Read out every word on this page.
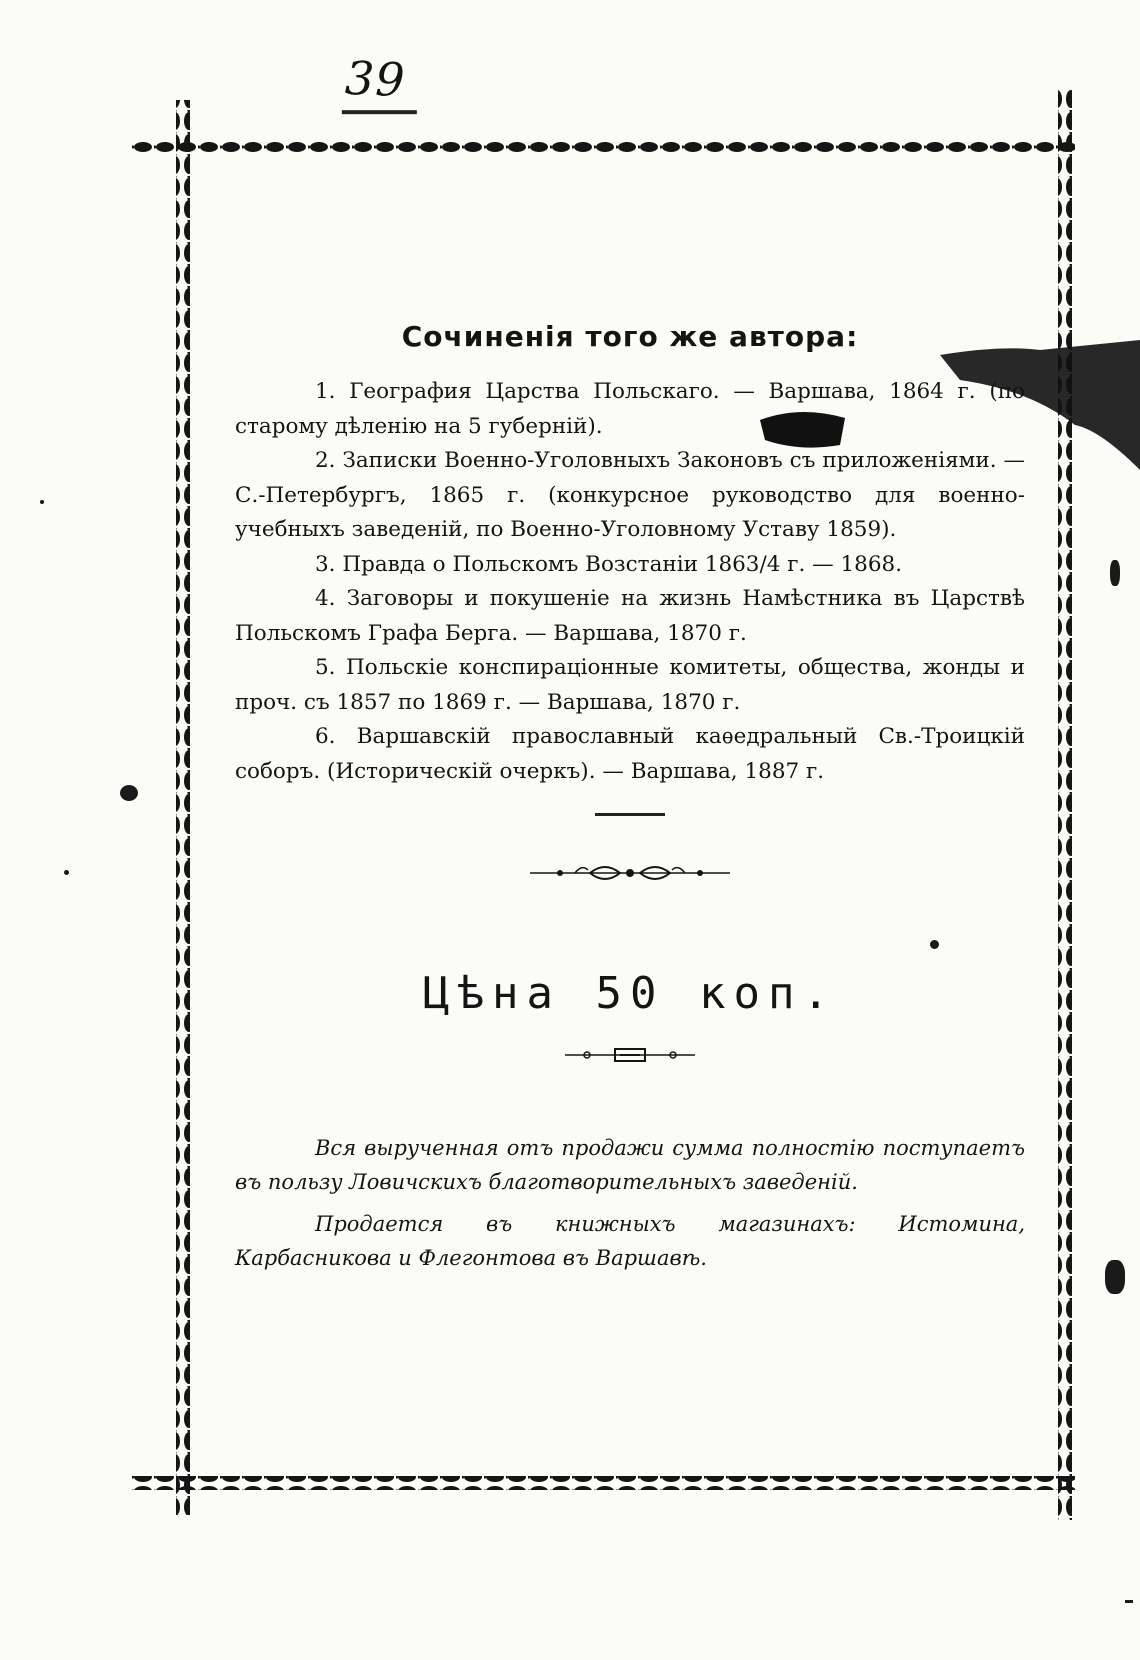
39
Сочиненія того же автора:

1. География Царства Польскаго. — Варшава, 1864 г. (по старому дѣленію на 5 губерній).

2. Записки Военно-Уголовныхъ Законовъ съ приложеніями. — С.-Петербургъ, 1865 г. (конкурсное руководство для военно-учебныхъ заведеній, по Военно-Уголовному Уставу 1859).

3. Правда о Польскомъ Возстаніи 1863/4 г. — 1868.

4. Заговоры и покушеніе на жизнь Намѣстника въ Царствѣ Польскомъ Графа Берга. — Варшава, 1870 г.

5. Польскіе конспираціонные комитеты, общества, жонды и проч. съ 1857 по 1869 г. — Варшава, 1870 г.

6. Варшавскій православный каѳедральный Св.-Троицкій соборъ. (Историческій очеркъ). — Варшава, 1887 г.

Цѣна 50 коп.

Вся вырученная отъ продажи сумма полностію поступаетъ въ пользу Ловичскихъ благотворительныхъ заведеній.

Продается въ книжныхъ магазинахъ: Истомина, Карбасникова и Флегонтова въ Варшавѣ.
